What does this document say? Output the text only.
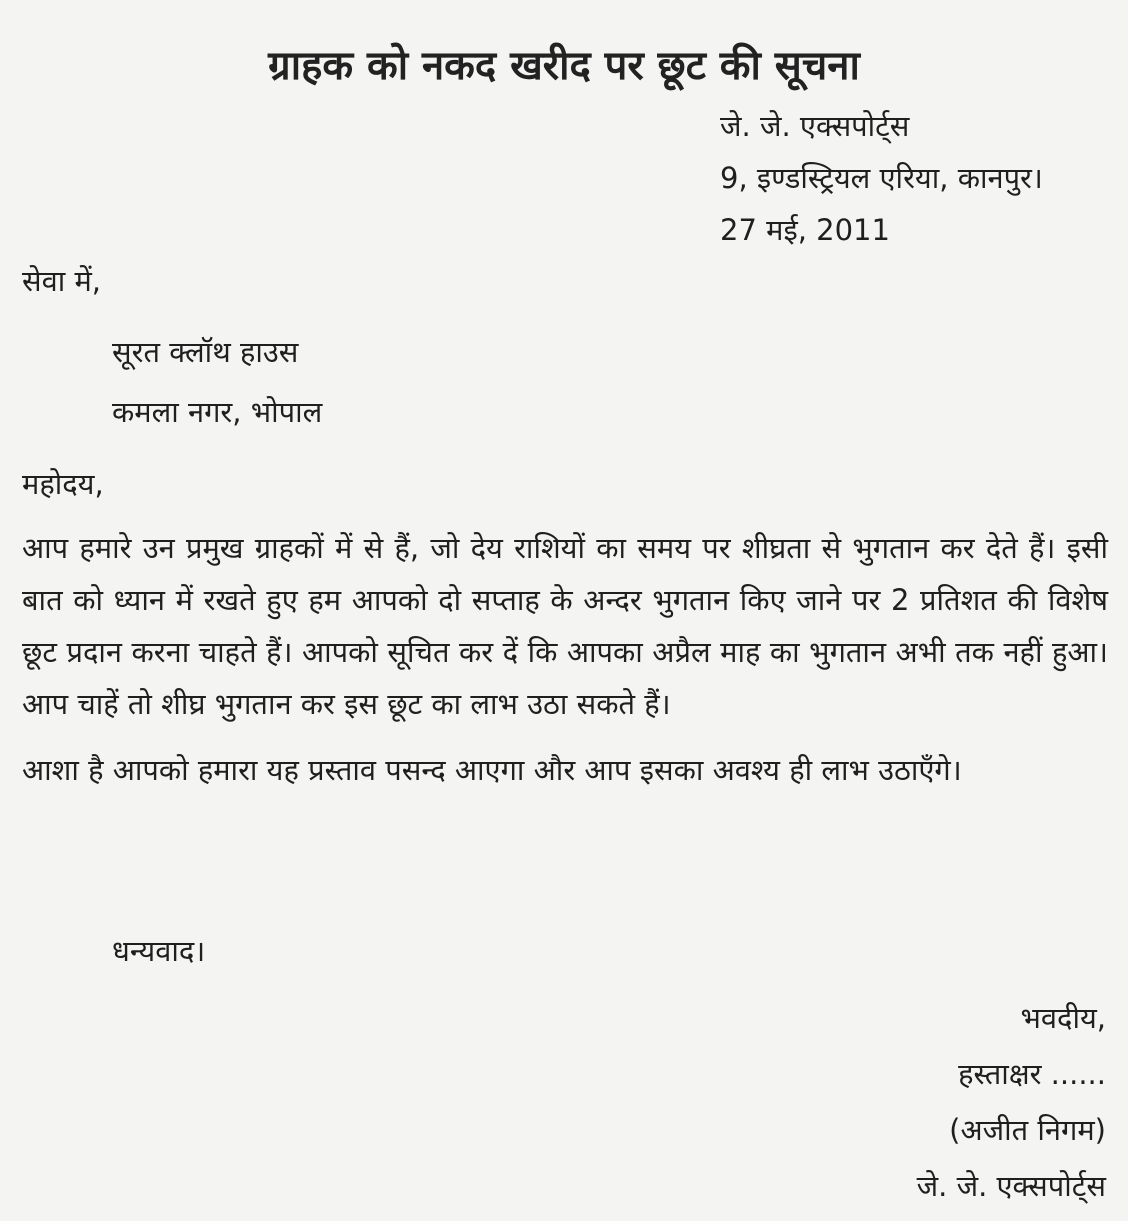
ग्राहक को नकद खरीद पर छूट की सूचना
जे. जे. एक्सपोर्ट्स
9, इण्डस्ट्रियल एरिया, कानपुर।
27 मई, 2011
सेवा में,
सूरत क्लॉथ हाउस
कमला नगर, भोपाल
महोदय,

आप हमारे उन प्रमुख ग्राहकों में से हैं, जो देय राशियों का समय पर शीघ्रता से भुगतान कर देते हैं। इसी बात को ध्यान में रखते हुए हम आपको दो सप्ताह के अन्दर भुगतान किए जाने पर 2 प्रतिशत की विशेष छूट प्रदान करना चाहते हैं। आपको सूचित कर दें कि आपका अप्रैल माह का भुगतान अभी तक नहीं हुआ। आप चाहें तो शीघ्र भुगतान कर इस छूट का लाभ उठा सकते हैं।

आशा है आपको हमारा यह प्रस्ताव पसन्द आएगा और आप इसका अवश्य ही लाभ उठाएँगे।

धन्यवाद।
भवदीय,
हस्ताक्षर ......
(अजीत निगम)
जे. जे. एक्सपोर्ट्स
